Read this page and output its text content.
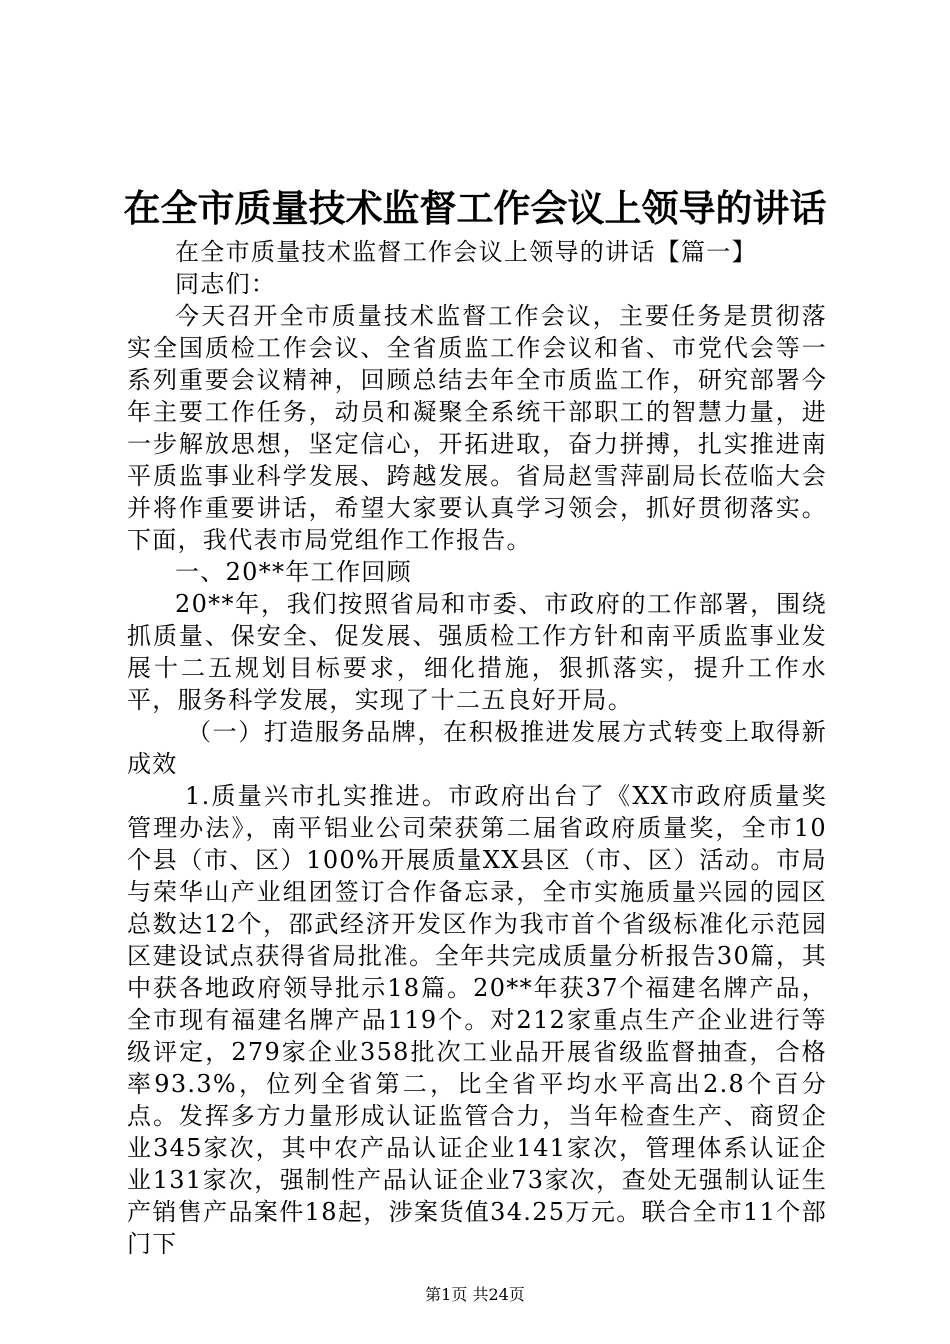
在全市质量技术监督工作会议上领导的讲话

在全市质量技术监督工作会议上领导的讲话【篇一】

同志们：

今天召开全市质量技术监督工作会议，主要任务是贯彻落实全国质检工作会议、全省质监工作会议和省、市党代会等一系列重要会议精神，回顾总结去年全市质监工作，研究部署今年主要工作任务，动员和凝聚全系统干部职工的智慧力量，进一步解放思想，坚定信心，开拓进取，奋力拼搏，扎实推进南平质监事业科学发展、跨越发展。省局赵雪萍副局长莅临大会并将作重要讲话，希望大家要认真学习领会，抓好贯彻落实。下面，我代表市局党组作工作报告。

一、20**年工作回顾

20**年，我们按照省局和市委、市政府的工作部署，围绕抓质量、保安全、促发展、强质检工作方针和南平质监事业发展十二五规划目标要求，细化措施，狠抓落实，提升工作水平，服务科学发展，实现了十二五良好开局。

（一）打造服务品牌，在积极推进发展方式转变上取得新成效

1.质量兴市扎实推进。市政府出台了《XX市政府质量奖管理办法》，南平铝业公司荣获第二届省政府质量奖，全市10个县（市、区）100%开展质量XX县区（市、区）活动。市局与荣华山产业组团签订合作备忘录，全市实施质量兴园的园区总数达12个，邵武经济开发区作为我市首个省级标准化示范园区建设试点获得省局批准。全年共完成质量分析报告30篇，其中获各地政府领导批示18篇。20**年获37个福建名牌产品，全市现有福建名牌产品119个。对212家重点生产企业进行等级评定，279家企业358批次工业品开展省级监督抽查，合格率93.3%，位列全省第二，比全省平均水平高出2.8个百分点。发挥多方力量形成认证监管合力，当年检查生产、商贸企业345家次，其中农产品认证企业141家次，管理体系认证企业131家次，强制性产品认证企业73家次，查处无强制认证生产销售产品案件18起，涉案货值34.25万元。联合全市11个部门下

第1页 共24页
